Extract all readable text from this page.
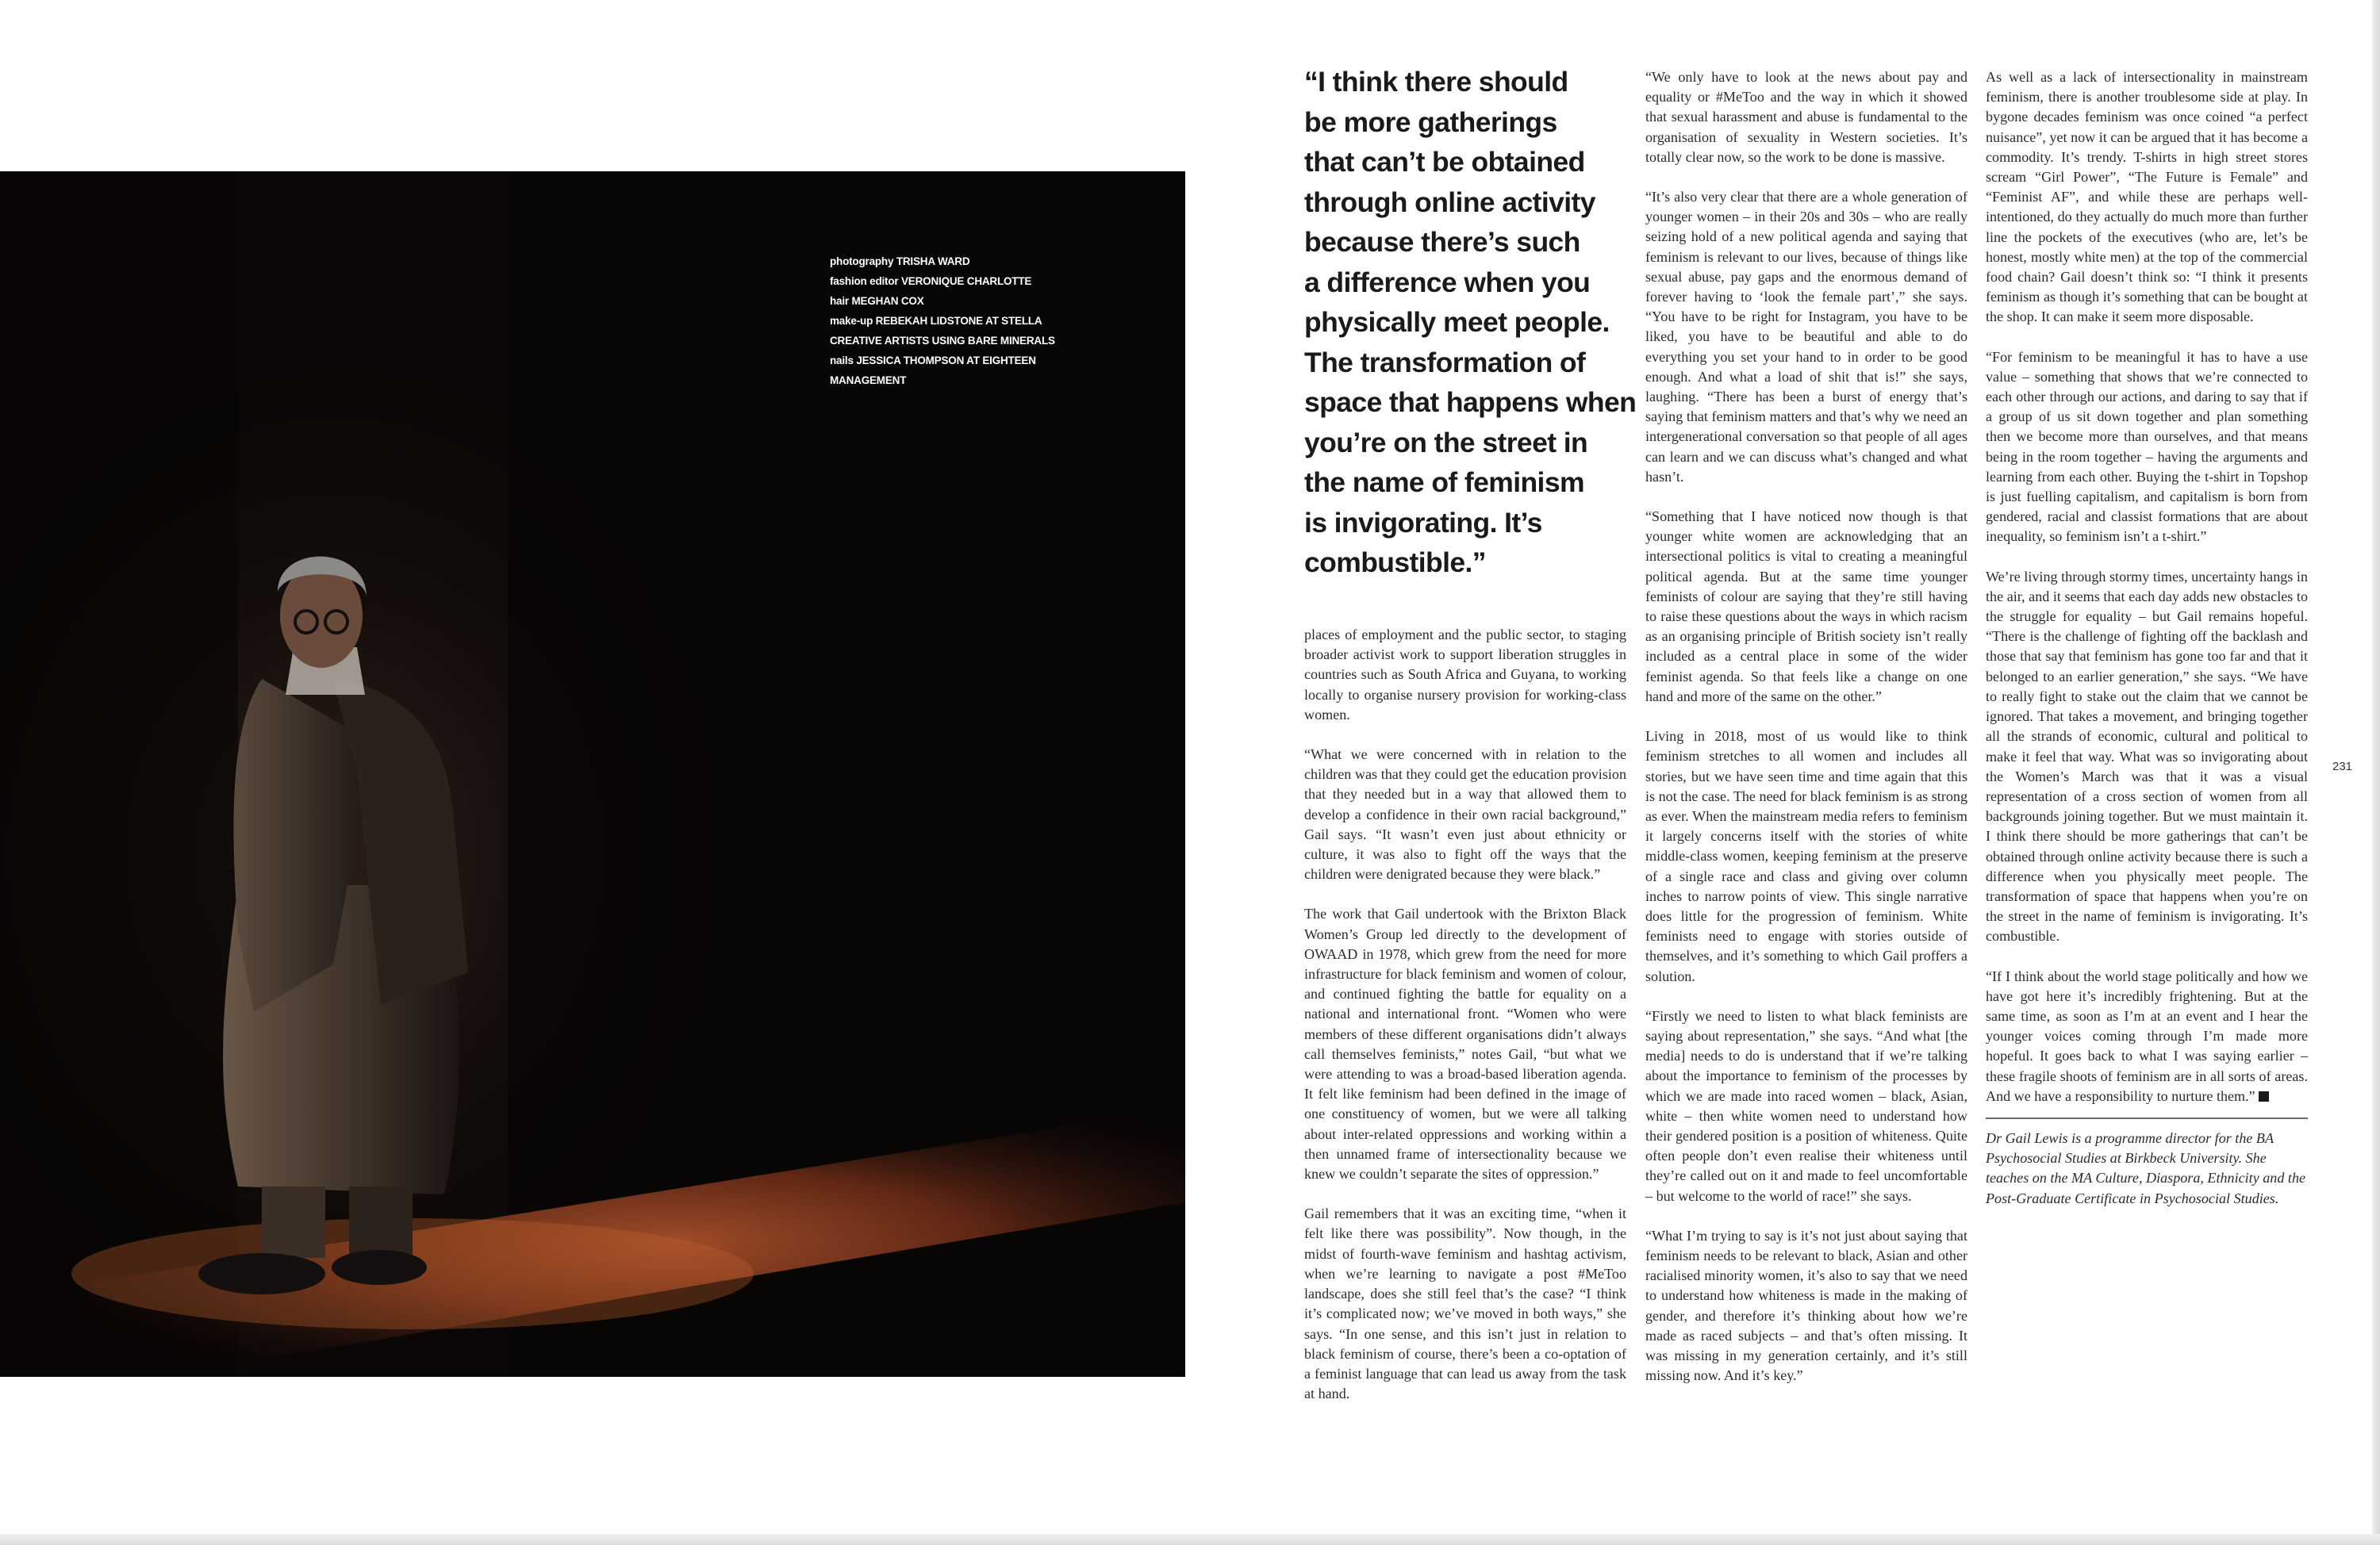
photography TRISHA WARD
fashion editor VERONIQUE CHARLOTTE
hair MEGHAN COX
make-up REBEKAH LIDSTONE AT STELLA
CREATIVE ARTISTS USING BARE MINERALS
nails JESSICA THOMPSON AT EIGHTEEN
MANAGEMENT
“I think there should
be more gatherings
that can’t be obtained
through online activity
because there’s such
a difference when you
physically meet people.
The transformation of
space that happens when
you’re on the street in
the name of feminism
is invigorating. It’s
combustible.”

places of employment and the public sector, to staging broader activist work to support liberation struggles in countries such as South Africa and Guyana, to working locally to organise nursery provision for working-class women.

“What we were concerned with in relation to the children was that they could get the education provision that they needed but in a way that allowed them to develop a confidence in their own racial background,” Gail says. “It wasn’t even just about ethnicity or culture, it was also to fight off the ways that the children were denigrated because they were black.”

The work that Gail undertook with the Brixton Black Women’s Group led directly to the development of OWAAD in 1978, which grew from the need for more infrastructure for black feminism and women of colour, and continued fighting the battle for equality on a national and international front. “Women who were members of these different organisations didn’t always call themselves feminists,” notes Gail, “but what we were attending to was a broad-based liberation agenda. It felt like feminism had been defined in the image of one constituency of women, but we were all talking about inter-related oppressions and working within a then unnamed frame of intersectionality because we knew we couldn’t separate the sites of oppression.”

Gail remembers that it was an exciting time, “when it felt like there was possibility”. Now though, in the midst of fourth-wave feminism and hashtag activism, when we’re learning to navigate a post #MeToo landscape, does she still feel that’s the case? “I think it’s complicated now; we’ve moved in both ways,” she says. “In one sense, and this isn’t just in relation to black feminism of course, there’s been a co-optation of a feminist language that can lead us away from the task at hand.

“We only have to look at the news about pay and equality or #MeToo and the way in which it showed that sexual harassment and abuse is fundamental to the organisation of sexuality in Western societies. It’s totally clear now, so the work to be done is massive.

“It’s also very clear that there are a whole generation of younger women – in their 20s and 30s – who are really seizing hold of a new political agenda and saying that feminism is relevant to our lives, because of things like sexual abuse, pay gaps and the enormous demand of forever having to ‘look the female part’,” she says. “You have to be right for Instagram, you have to be liked, you have to be beautiful and able to do everything you set your hand to in order to be good enough. And what a load of shit that is!” she says, laughing. “There has been a burst of energy that’s saying that feminism matters and that’s why we need an intergenerational conversation so that people of all ages can learn and we can discuss what’s changed and what hasn’t.

“Something that I have noticed now though is that younger white women are acknowledging that an intersectional politics is vital to creating a meaningful political agenda. But at the same time younger feminists of colour are saying that they’re still having to raise these questions about the ways in which racism as an organising principle of British society isn’t really included as a central place in some of the wider feminist agenda. So that feels like a change on one hand and more of the same on the other.”

Living in 2018, most of us would like to think feminism stretches to all women and includes all stories, but we have seen time and time again that this is not the case. The need for black feminism is as strong as ever. When the mainstream media refers to feminism it largely concerns itself with the stories of white middle-class women, keeping feminism at the preserve of a single race and class and giving over column inches to narrow points of view. This single narrative does little for the progression of feminism. White feminists need to engage with stories outside of themselves, and it’s something to which Gail proffers a solution.

“Firstly we need to listen to what black feminists are saying about representation,” she says. “And what [the media] needs to do is understand that if we’re talking about the importance to feminism of the processes by which we are made into raced women – black, Asian, white – then white women need to understand how their gendered position is a position of whiteness. Quite often people don’t even realise their whiteness until they’re called out on it and made to feel uncomfortable – but welcome to the world of race!” she says.

“What I’m trying to say is it’s not just about saying that feminism needs to be relevant to black, Asian and other racialised minority women, it’s also to say that we need to understand how whiteness is made in the making of gender, and therefore it’s thinking about how we’re made as raced subjects – and that’s often missing. It was missing in my generation certainly, and it’s still missing now. And it’s key.”

As well as a lack of intersectionality in mainstream feminism, there is another troublesome side at play. In bygone decades feminism was once coined “a perfect nuisance”, yet now it can be argued that it has become a commodity. It’s trendy. T-shirts in high street stores scream “Girl Power”, “The Future is Female” and “Feminist AF”, and while these are perhaps well-intentioned, do they actually do much more than further line the pockets of the executives (who are, let’s be honest, mostly white men) at the top of the commercial food chain? Gail doesn’t think so: “I think it presents feminism as though it’s something that can be bought at the shop. It can make it seem more disposable.

“For feminism to be meaningful it has to have a use value – something that shows that we’re connected to each other through our actions, and daring to say that if a group of us sit down together and plan something then we become more than ourselves, and that means being in the room together – having the arguments and learning from each other. Buying the t-shirt in Topshop is just fuelling capitalism, and capitalism is born from gendered, racial and classist formations that are about inequality, so feminism isn’t a t-shirt.”

We’re living through stormy times, uncertainty hangs in the air, and it seems that each day adds new obstacles to the struggle for equality – but Gail remains hopeful. “There is the challenge of fighting off the backlash and those that say that feminism has gone too far and that it belonged to an earlier generation,” she says. “We have to really fight to stake out the claim that we cannot be ignored. That takes a movement, and bringing together all the strands of economic, cultural and political to make it feel that way. What was so invigorating about the Women’s March was that it was a visual representation of a cross section of women from all backgrounds joining together. But we must maintain it. I think there should be more gatherings that can’t be obtained through online activity because there is such a difference when you physically meet people. The transformation of space that happens when you’re on the street in the name of feminism is invigorating. It’s combustible.

“If I think about the world stage politically and how we have got here it’s incredibly frightening. But at the same time, as soon as I’m at an event and I hear the younger voices coming through I’m made more hopeful. It goes back to what I was saying earlier – these fragile shoots of feminism are in all sorts of areas. And we have a responsibility to nurture them.”

Dr Gail Lewis is a programme director for the BA Psychosocial Studies at Birkbeck University. She teaches on the MA Culture, Diaspora, Ethnicity and the Post-Graduate Certificate in Psychosocial Studies.

231
